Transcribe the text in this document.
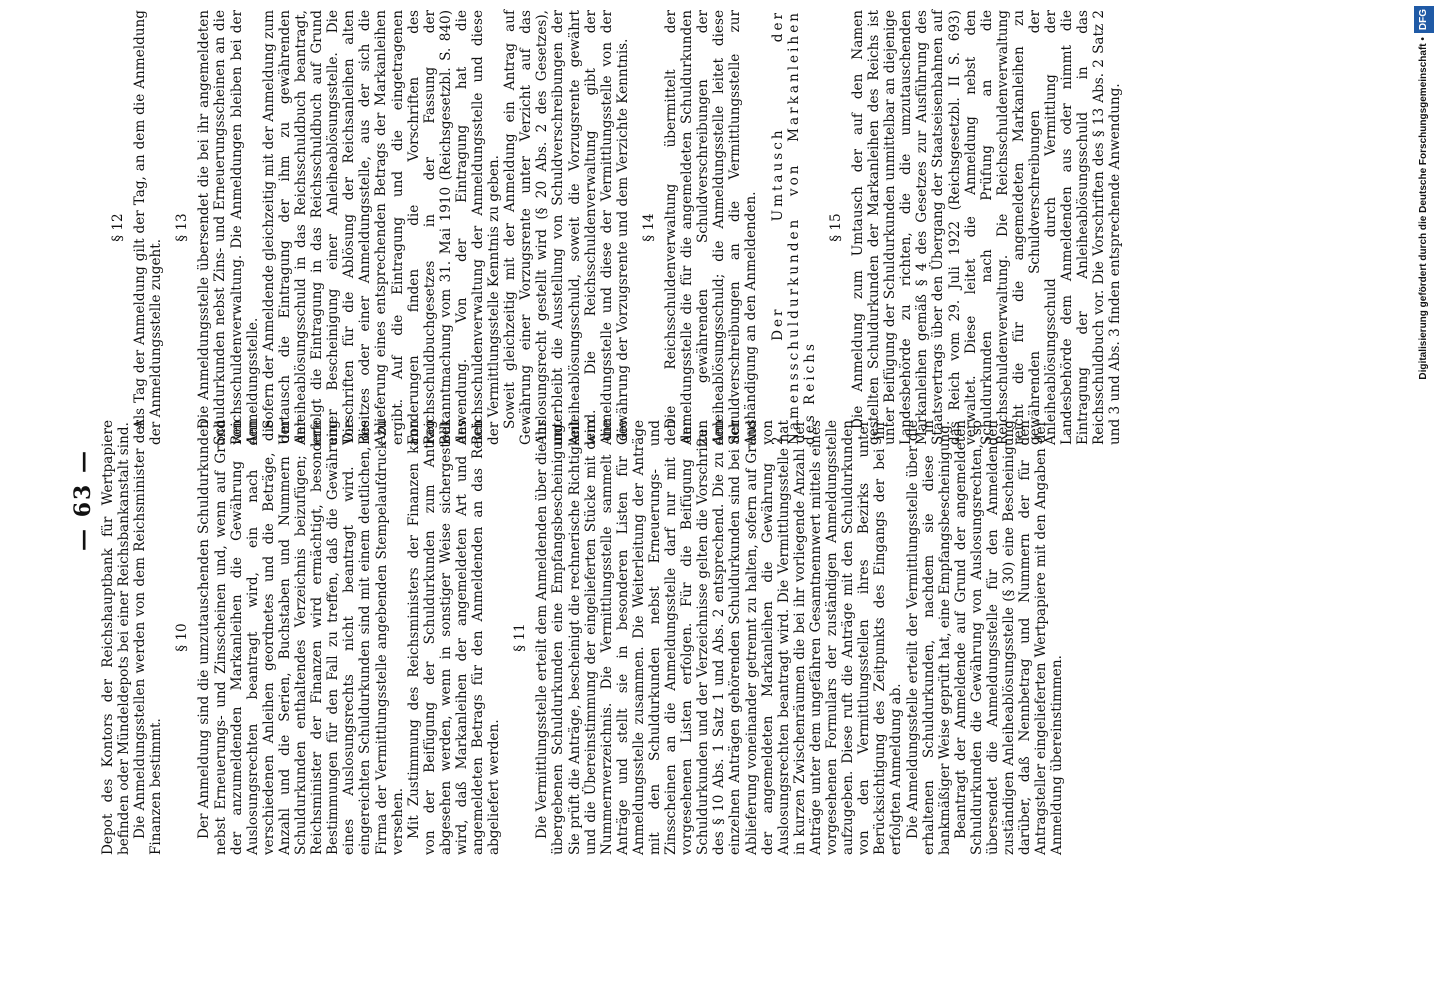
— 63 — Depot des Kontors der Reichshauptbank für Wertpapiere befinden oder Mündeldepots bei einer Reichsbankanstalt sind. Die Anmeldungsstellen werden von dem Reichsminister der Finanzen bestimmt.

§ 10 Der Anmeldung sind die umzutauschenden Schuldurkunden nebst Erneuerungs- und Zinsscheinen und, wenn auf Grund der anzumeldenden Markanleihen die Gewährung von Auslosungsrechten beantragt wird, ein nach den verschiedenen Anleihen geordnetes und die Beträge, die Anzahl und die Serien, Buchstaben und Nummern der Schuldurkunden enthaltendes Verzeichnis beizufügen; der Reichsminister der Finanzen wird ermächtigt, besondere Bestimmungen für den Fall zu treffen, daß die Gewährung eines Auslosungsrechts nicht beantragt wird. Die eingereichten Schuldurkunden sind mit einem deutlichen, die Firma der Vermittlungsstelle angebenden Stempelaufdruck zu versehen. Mit Zustimmung des Reichsministers der Finanzen kann von der Beifügung der Schuldurkunden zum Antrag abgesehen werden, wenn in sonstiger Weise sichergestellt wird, daß Markanleihen der angemeldeten Art und des angemeldeten Betrags für den Anmeldenden an das Reich abgeliefert werden.

§ 11 Die Vermittlungsstelle erteilt dem Anmeldenden über die ihr übergebenen Schuldurkunden eine Empfangsbescheinigung. Sie prüft die Anträge, bescheinigt die rechnerische Richtigkeit und die Übereinstimmung der eingelieferten Stücke mit dem Nummernverzeichnis. Die Vermittlungsstelle sammelt die Anträge und stellt sie in besonderen Listen für die Anmeldungsstelle zusammen. Die Weiterleitung der Anträge mit den Schuldurkunden nebst Erneuerungs- und Zinsscheinen an die Anmeldungsstelle darf nur mit den vorgesehenen Listen erfolgen. Für die Beifügung der Schuldurkunden und der Verzeichnisse gelten die Vorschriften des § 10 Abs. 1 Satz 1 und Abs. 2 entsprechend. Die zu den einzelnen Anträgen gehörenden Schuldurkunden sind bei der Ablieferung voneinander getrennt zu halten, sofern auf Grund der angemeldeten Markanleihen die Gewährung von Auslosungsrechten beantragt wird. Die Vermittlungsstelle hat in kurzen Zwischenräumen die bei ihr vorliegende Anzahl der Anträge unter dem ungefähren Gesamtnennwert mittels eines vorgesehenen Formulars der zuständigen Anmeldungsstelle aufzugeben. Diese ruft die Anträge mit den Schuldurkunden von den Vermittlungsstellen ihres Bezirks unter Berücksichtigung des Zeitpunkts des Eingangs der bei ihr erfolgten Anmeldung ab. Die Anmeldungsstelle erteilt der Vermittlungsstelle über die erhaltenen Schuldurkunden, nachdem sie diese in bankmäßiger Weise geprüft hat, eine Empfangsbescheinigung. Beantragt der Anmeldende auf Grund der angemeldeten Schuldurkunden die Gewährung von Auslosungsrechten, so übersendet die Anmeldungsstelle für den Anmeldenden zuständigen Anleiheablösungsstelle (§ 30) eine Bescheinigung darüber, daß Nennbetrag und Nummern der für den Antragsteller eingelieferten Wertpapiere mit den Angaben der Anmeldung übereinstimmen.

§ 12 Als Tag der Anmeldung gilt der Tag, an dem die Anmeldung der Anmeldungsstelle zugeht.

§ 13 Die Anmeldungsstelle übersendet die bei ihr angemeldeten Schuldurkunden nebst Zins- und Erneuerungsscheinen an die Reichsschuldenverwaltung. Die Anmeldungen bleiben bei der Anmeldungsstelle. Sofern der Anmeldende gleichzeitig mit der Anmeldung zum Umtausch die Eintragung der ihm zu gewährenden Anleiheablösungsschuld in das Reichsschuldbuch beantragt, erfolgt die Eintragung in das Reichsschuldbuch auf Grund einer Bescheinigung einer Anleiheablösungsstelle. Die Vorschriften für die Ablösung der Reichsanleihen alten Besitzes oder einer Anmeldungsstelle, aus der sich die Ablieferung eines entsprechenden Betrags der Markanleihen ergibt. Auf die Eintragung und die eingetragenen Forderungen finden die Vorschriften des Reichsschuldbuchgesetzes in der Fassung der Bekanntmachung vom 31. Mai 1910 (Reichsgesetzbl. S. 840) Anwendung. Von der Eintragung hat die Reichsschuldenverwaltung der Anmeldungsstelle und diese der Vermittlungsstelle Kenntnis zu geben. Soweit gleichzeitig mit der Anmeldung ein Antrag auf Gewährung einer Vorzugsrente unter Verzicht auf das Auslosungsrecht gestellt wird (§ 20 Abs. 2 des Gesetzes), unterbleibt die Ausstellung von Schuldverschreibungen der Anleiheablösungsschuld, soweit die Vorzugsrente gewährt wird. Die Reichsschuldenverwaltung gibt der Anmeldungsstelle und diese der Vermittlungsstelle von der Gewährung der Vorzugsrente und dem Verzichte Kenntnis. § 14 Die Reichsschuldenverwaltung übermittelt der Anmeldungsstelle die für die angemeldeten Schuldurkunden zu gewährenden Schuldverschreibungen der Anleiheablösungsschuld; die Anmeldungsstelle leitet diese Schuldverschreibungen an die Vermittlungsstelle zur Aushändigung an den Anmeldenden. 2. Der Umtausch der Namensschuldurkunden von Markanleihen des Reichs

§ 15 Die Anmeldung zum Umtausch der auf den Namen gestellten Schuldurkunden der Markanleihen des Reichs ist unter Beifügung der Schuldurkunden unmittelbar an diejenige Landesbehörde zu richten, die die umzutauschenden Markanleihen gemäß § 4 des Gesetzes zur Ausführung des Staatsvertrags über den Übergang der Staatseisenbahnen auf das Reich vom 29. Juli 1922 (Reichsgesetzbl. II S. 693) verwaltet. Diese leitet die Anmeldung nebst den Schuldurkunden nach Prüfung an die Reichsschuldenverwaltung. Die Reichsschuldenverwaltung reicht die für die angemeldeten Markanleihen zu gewährenden Schuldverschreibungen der Anleiheablösungsschuld durch Vermittlung der Landesbehörde dem Anmeldenden aus oder nimmt die Eintragung der Anleiheablösungsschuld in das Reichsschuldbuch vor. Die Vorschriften des § 13 Abs. 2 Satz 2 und 3 und Abs. 3 finden entsprechende Anwendung.	Digitalisierung gefördert durch die Deutsche Forschungsgemeinschaft •DFG
